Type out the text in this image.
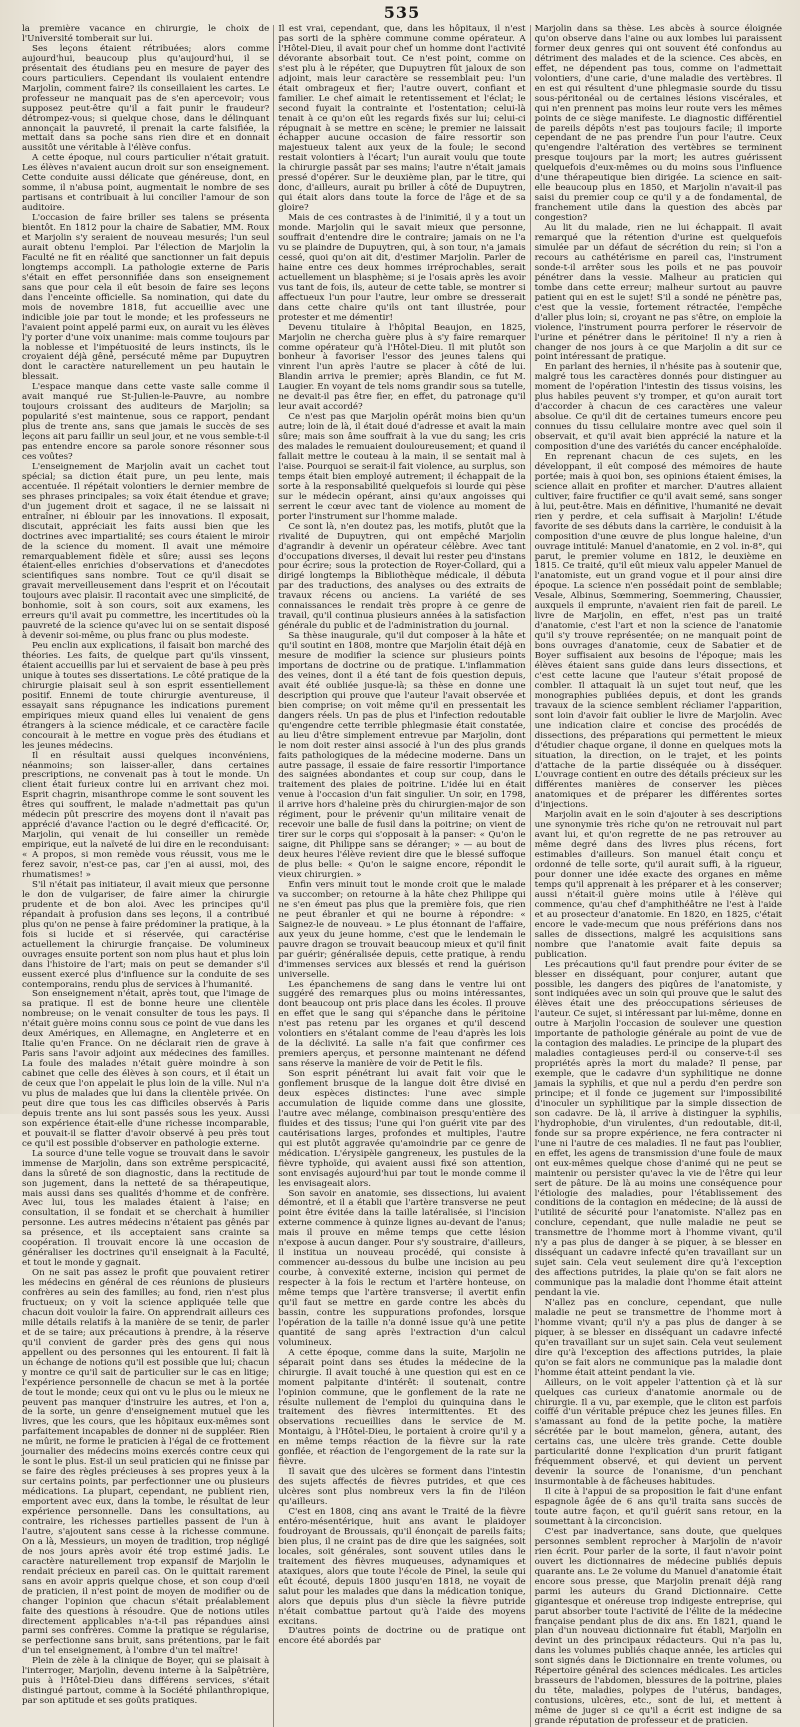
535

la première vacance en chirurgie, le choix de l'Université tomberait sur lui.

Ses leçons étaient rétribuées; alors comme aujourd'hui, beaucoup plus qu'aujourd'hui, il se présentait des étudians peu en mesure de payer des cours particuliers. Cependant ils voulaient entendre Marjolin, comment faire? ils conseillaient les cartes. Le professeur ne manquait pas de s'en apercevoir; vous supposez peut-être qu'il a fait punir le fraudeur? détrompez-vous; si quelque chose, dans le délinquant annonçait la pauvreté, il prenait la carte falsifiée, la mettait dans sa poche sans rien dire et en donnait aussitôt une véritable à l'élève confus.

A cette époque, nul cours particulier n'était gratuit. Les élèves n'avaient aucun droit sur son enseignement. Cette conduite aussi délicate que généreuse, dont, en somme, il n'abusa point, augmentait le nombre de ses partisans et contribuait à lui concilier l'amour de son auditoire.

L'occasion de faire briller ses talens se présenta bientôt. En 1812 pour la chaire de Sabatier, MM. Roux et Marjolin s'y seraient de nouveau mesurés; l'un seul aurait obtenu l'emploi. Par l'élection de Marjolin la Faculté ne fit en réalité que sanctionner un fait depuis longtemps accompli. La pathologie externe de Paris s'était en effet personnifiée dans son enseignement sans que pour cela il eût besoin de faire ses leçons dans l'enceinte officielle. Sa nomination, qui date du mois de novembre 1818, fut accueillie avec une indicible joie par tout le monde; et les professeurs ne l'avaient point appelé parmi eux, on aurait vu les élèves l'y porter d'une voix unanime: mais comme toujours par la noblesse et l'impétuosité de leurs instincts, ils le croyaient déjà gêné, persécuté même par Dupuytren dont le caractère naturellement un peu hautain le blessait.

L'espace manque dans cette vaste salle comme il avait manqué rue St-Julien-le-Pauvre, au nombre toujours croissant des auditeurs de Marjolin; sa popularité s'est maintenue, sous ce rapport, pendant plus de trente ans, sans que jamais le succès de ses leçons ait paru faillir un seul jour, et ne vous semble-t-il pas entendre encore sa parole sonore résonner sous ces voûtes?

L'enseignement de Marjolin avait un cachet tout spécial; sa diction était pure, un peu lente, mais accentuée. Il répétait volontiers le dernier membre de ses phrases principales; sa voix était étendue et grave; d'un jugement droit et sagace, il ne se laissait ni entraîner, ni éblouir par les innovations. Il exposait, discutait, appréciait les faits aussi bien que les doctrines avec impartialité; ses cours étaient le miroir de la science du moment. Il avait une mémoire remarquablement fidèle et sûre; aussi ses leçons étaient-elles enrichies d'observations et d'anecdotes scientifiques sans nombre. Tout ce qu'il disait se gravait merveilleusement dans l'esprit et on l'écoutait toujours avec plaisir. Il racontait avec une simplicité, de bonhomie, soit à son cours, soit aux examens, les erreurs qu'il avait pu commettre, les incertitudes où la pauvreté de la science qu'avec lui on se sentait disposé à devenir soi-même, ou plus franc ou plus modeste.

Peu enclin aux explications, il faisait bon marché des théories. Les faits, de quelque part qu'ils vinssent, étaient accueillis par lui et servaient de base à peu près unique à toutes ses dissertations. Le côté pratique de la chirurgie plaisait seul à son esprit essentiellement positif. Ennemi de toute chirurgie aventureuse, il essayait sans répugnance les indications purement empiriques mieux quand elles lui venaient de gens étrangers à la science médicale, et ce caractère facile concourait à le mettre en vogue près des étudians et les jeunes médecins.

Il en résultait aussi quelques inconvéniens, néanmoins; son laisser-aller, dans certaines prescriptions, ne convenait pas à tout le monde. Un client était furieux contre lui en arrivant chez moi. Esprit chagrin, misanthrope comme le sont souvent les êtres qui souffrent, le malade n'admettait pas qu'un médecin pût prescrire des moyens dont il n'avait pas apprécié d'avance l'action ou le degré d'efficacité. Or, Marjolin, qui venait de lui conseiller un remède empirique, eut la naïveté de lui dire en le reconduisant: « A propos, si mon remède vous réussit, vous me le ferez savoir, n'est-ce pas, car j'en ai aussi, moi, des rhumatismes! »

S'il n'était pas initiateur, il avait mieux que personne le don de vulgariser, de faire aimer la chirurgie prudente et de bon aloi. Avec les principes qu'il répandait à profusion dans ses leçons, il a contribué plus qu'on ne pense à faire prédominer la pratique, à la fois si lucide et si réservée, qui caractérise actuellement la chirurgie française. De volumineux ouvrages ensuite portent son nom plus haut et plus loin dans l'histoire de l'art; mais on peut se demander s'il eussent exercé plus d'influence sur la conduite de ses contemporains, rendu plus de services à l'humanité.

Son enseignement n'était, après tout, que l'image de sa pratique. Il est de bonne heure une clientèle nombreuse; on le venait consulter de tous les pays. Il n'était guère moins connu sous ce point de vue dans les deux Amériques, en Allemagne, en Angleterre et en Italie qu'en France. On ne déclarait rien de grave à Paris sans l'avoir adjoint aux médecines des familles. La foule des malades n'était guère moindre à son cabinet que celle des élèves à son cours, et il était un de ceux que l'on appelait le plus loin de la ville. Nul n'a vu plus de malades que lui dans la clientèle privée. On peut dire que tous les cas difficiles observés à Paris depuis trente ans lui sont passés sous les yeux. Aussi son expérience était-elle d'une richesse incomparable, et pouvait-il se flatter d'avoir observé à peu près tout ce qu'il est possible d'observer en pathologie externe.

La source d'une telle vogue se trouvait dans le savoir immense de Marjolin, dans son extrême perspicacité, dans la sûreté de son diagnostic, dans la rectitude de son jugement, dans la netteté de sa thérapeutique, mais aussi dans ses qualités d'homme et de confrère. Avec lui, tous les malades étaient à l'aise; en consultation, il se fondait et se cherchait à humilier personne. Les autres médecins n'étaient pas gênés par sa présence, et ils acceptaient sans crainte sa coopération. Il trouvait encore là une occasion de généraliser les doctrines qu'il enseignait à la Faculté, et tout le monde y gagnait.

On ne sait pas assez le profit que pouvaient retirer les médecins en général de ces réunions de plusieurs confrères au sein des familles; au fond, rien n'est plus fructueux; on y voit la science appliquée telle que chacun doit vouloir la faire. On apprendrait ailleurs ces mille détails relatifs à la manière de se tenir, de parler et de se taire; aux précautions à prendre, à la réserve qu'il convient de garder près des gens qui nous appellent ou des personnes qui les entourent. Il fait là un échange de notions qu'il est possible que lui; chacun y montre ce qu'il sait de particulier sur le cas en litige; l'expérience personnelle de chacun se met à la portée de tout le monde; ceux qui ont vu le plus ou le mieux ne peuvent pas manquer d'instruire les autres, et l'on a, de la sorte, un genre d'enseignement mutuel que les livres, que les cours, que les hôpitaux eux-mêmes sont parfaitement incapables de donner ni de suppléer. Rien ne mûrit, ne forme le praticien à l'égal de ce frottement journalier des médecins moins exercés contre ceux qui le sont le plus. Est-il un seul praticien qui ne finisse par se faire des règles précieuses à ses propres yeux à la sur certains points, par perfectionner une ou plusieurs médications. La plupart, cependant, ne publient rien, emportent avec eux, dans la tombe, le résultat de leur expérience personnelle. Dans les consultations, au contraire, les richesses partielles passent de l'un à l'autre, s'ajoutent sans cesse à la richesse commune. On a là, Messieurs, un moyen de tradition, trop négligé de nos jours après avoir été trop estimé jadis. Le caractère naturellement trop expansif de Marjolin le rendait précieux en pareil cas. On le quittait rarement sans en avoir appris quelque chose, et son coup d'œil de praticien, il n'est point de moyen de modifier ou de changer l'opinion que chacun s'était préalablement faite des questions à résoudre. Que de notions utiles directement applicables n'a-t-il pas répandues ainsi parmi ses confrères. Comme la pratique se régularise, se perfectionne sans bruit, sans prétentions, par le fait d'un tel enseignement, à l'ombre d'un tel maître!

Plein de zèle à la clinique de Boyer, qui se plaisait à l'interroger, Marjolin, devenu interne à la Salpêtrière, puis à l'Hôtel-Dieu dans différens services, s'était distingué partout, comme à la Société philanthropique, par son aptitude et ses goûts pratiques.

Il est vrai, cependant, que, dans les hôpitaux, il n'est pas sorti de la sphère commune comme opérateur. A l'Hôtel-Dieu, il avait pour chef un homme dont l'activité dévorante absorbait tout. Ce n'est point, comme on s'est plu à le répéter, que Dupuytren fût jaloux de son adjoint, mais leur caractère se ressemblait peu: l'un était ombrageux et fier; l'autre ouvert, confiant et familier. Le chef aimait le retentissement et l'éclat; le second fuyait la contrainte et l'ostentation; celui-là tenait à ce qu'on eût les regards fixés sur lui; celui-ci répugnait à se mettre en scène; le premier ne laissait échapper aucune occasion de faire ressortir son majestueux talent aux yeux de la foule; le second restait volontiers à l'écart; l'un aurait voulu que toute la chirurgie passât par ses mains; l'autre n'était jamais pressé d'opérer. Sur le deuxième plan, par le titre, qui donc, d'ailleurs, aurait pu briller à côté de Dupuytren, qui était alors dans toute la force de l'âge et de sa gloire?

Mais de ces contrastes à de l'inimitié, il y a tout un monde. Marjolin qui le savait mieux que personne, souffrait d'entendre dire le contraire; jamais on ne l'a vu se plaindre de Dupuytren, qui, à son tour, n'a jamais cessé, quoi qu'on ait dit, d'estimer Marjolin. Parler de haine entre ces deux hommes irréprochables, serait actuellement un blasphème; si je l'osais après les avoir vus tant de fois, ils, auteur de cette table, se montrer si affectueux l'un pour l'autre, leur ombre se dresserait dans cette chaire qu'ils ont tant illustrée, pour protester et me démentir!

Devenu titulaire à l'hôpital Beaujon, en 1825, Marjolin ne chercha guère plus à s'y faire remarquer comme opérateur qu'à l'Hôtel-Dieu. Il mit plutôt son bonheur à favoriser l'essor des jeunes talens qui vinrent l'un après l'autre se placer à côté de lui. Blandin arriva le premier; après Blandin, ce fut M. Laugier. En voyant de tels noms grandir sous sa tutelle, ne devait-il pas être fier, en effet, du patronage qu'il leur avait accordé?

Ce n'est pas que Marjolin opérât moins bien qu'un autre; loin de là, il était doué d'adresse et avait la main sûre; mais son âme souffrait à la vue du sang; les cris des malades le remuaient douloureusement; et quand il fallait mettre le couteau à la main, il se sentait mal à l'aise. Pourquoi se serait-il fait violence, au surplus, son temps était bien employé autrement; il échappait de la sorte à la responsabilité quelquefois si lourde qui pèse sur le médecin opérant, ainsi qu'aux angoisses qui serrent le cœur avec tant de violence au moment de porter l'instrument sur l'homme malade.

Ce sont là, n'en doutez pas, les motifs, plutôt que la rivalité de Dupuytren, qui ont empêché Marjolin d'agrandir à devenir un opérateur célèbre. Avec tant d'occupations diverses, il devait lui rester peu d'instans pour écrire; sous la protection de Royer-Collard, qui a dirigé longtemps la Bibliothèque médicale, il débuta par des traductions, des analyses ou des extraits de travaux récens ou anciens. La variété de ses connaissances le rendait très propre à ce genre de travail, qu'il continua plusieurs années à la satisfaction générale du public et de l'administration du journal.

Sa thèse inaugurale, qu'il dut composer à la hâte et qu'il soutint en 1808, montre que Marjolin était déjà en mesure de modifier la science sur plusieurs points importans de doctrine ou de pratique. L'inflammation des veines, dont il a été tant de fois question depuis, avait été oubliée jusque-là; sa thèse en donne une description qui prouve que l'auteur l'avait observée et bien comprise; on voit même qu'il en pressentait les dangers réels. Un pas de plus et l'infection redoutable qu'engendre cette terrible phlegmasie était constatée, au lieu d'être simplement entrevue par Marjolin, dont le nom doit rester ainsi associé à l'un des plus grands faits pathologiques de la médecine moderne. Dans un autre passage, il essaie de faire ressortir l'importance des saignées abondantes et coup sur coup, dans le traitement des plaies de poitrine. L'idée lui en était venue à l'occasion d'un fait singulier. Un soir, en 1798, il arrive hors d'haleine près du chirurgien-major de son régiment, pour le prévenir qu'un militaire venait de recevoir une balle de fusil dans la poitrine; on vient de tirer sur le corps qui s'opposait à la panser: « Qu'on le saigne, dit Philippe sans se déranger; » — au bout de deux heures l'élève revient dire que le blessé suffoque de plus belle: « Qu'on le saigne encore, répondit le vieux chirurgien. »

Enfin vers minuit tout le monde croit que le malade va succomber; on retourne à la hâte chez Philippe qui ne s'en émeut pas plus que la première fois, que rien ne peut ébranler et qui ne bourne à répondre: « Saignez-le de nouveau. » Le plus étonnant de l'affaire, aux yeux du jeune homme, c'est que le lendemain le pauvre dragon se trouvait beaucoup mieux et qu'il finit par guérir; généralisée depuis, cette pratique, à rendu d'immenses services aux blessés et rend la guérison universelle.

Les épanchemens de sang dans le ventre lui ont suggéré des remarques plus ou moins intéressantes, dont beaucoup ont pris place dans les écoles. Il prouve en effet que le sang qui s'épanche dans le péritoine n'est pas retenu par les organes et qu'il descend volontiers en s'étalant comme de l'eau d'après les lois de la déclivité. La salle n'a fait que confirmer ces premiers aperçus, et personne maintenant ne défend sans réserve la manière de voir de Petit le fils.

Son esprit pénétrant lui avait fait voir que le gonflement brusque de la langue doit être divisé en deux espèces distinctes: l'une avec simple accumulation de liquide comme dans une glossite, l'autre avec mélange, combinaison presqu'entière des fluides et des tissus; l'une qui l'on guérit vite par des cautérisations larges, profondes et multiples, l'autre qui est plutôt aggravée qu'amoindrie par ce genre de médication. L'érysipèle gangreneux, les pustules de la fièvre typhoïde, qui avaient aussi fixé son attention, sont envisagés aujourd'hui par tout le monde comme il les envisageait alors.

Son savoir en anatomie, ses dissections, lui avaient démontré, et il a établi que l'artère transverse ne peut point être évitée dans la taille latéralisée, si l'incision externe commence à quinze lignes au-devant de l'anus; mais il prouve en même temps que cette lésion n'expose à aucun danger. Pour s'y soustraire, d'ailleurs, il institua un nouveau procédé, qui consiste à commencer au-dessous du bulbe une incision au peu courbe, à convexité externe, incision qui permet de respecter à la fois le rectum et l'artère honteuse, on même temps que l'artère transverse; il avertit enfin qu'il faut se mettre en garde contre les abcès du bassin, contre les suppurations profondes, lorsque l'opération de la taille n'a donné issue qu'à une petite quantité de sang après l'extraction d'un calcul volumineux.

A cette époque, comme dans la suite, Marjolin ne séparait point dans ses études la médecine de la chirurgie. Il avait touché à une question qui est en ce moment palpitante d'intérêt: il soutenait, contre l'opinion commune, que le gonflement de la rate ne résulte nullement de l'emploi du quinquina dans le traitement des fièvres intermittentes. Et des observations recueillies dans le service de M. Montaigu, à l'Hôtel-Dieu, le portaient à croire qu'il y a en même temps réaction de la fièvre sur la rate gonflée, et réaction de l'engorgement de la rate sur la fièvre.

Il savait que des ulcères se forment dans l'intestin des sujets affectés de fièvres putrides, et que ces ulcères sont plus nombreux vers la fin de l'iléon qu'ailleurs.

C'est en 1808, cinq ans avant le Traité de la fièvre entéro-mésentérique, huit ans avant le plaidoyer foudroyant de Broussais, qu'il énonçait de pareils faits; bien plus, il ne craint pas de dire que les saignées, soit locales, soit générales, sont souvent utiles dans le traitement des fièvres muqueuses, adynamiques et ataxiques, alors que toute l'école de Pinel, la seule qui eût écouté, depuis 1800 jusqu'en 1818, ne voyait de salut pour les malades que dans la médication tonique, alors que depuis plus d'un siècle la fièvre putride n'était combattue partout qu'à l'aide des moyens excitans.

D'autres points de doctrine ou de pratique ont encore été abordés par

Marjolin dans sa thèse. Les abcès à source éloignée qu'on observe dans l'aine ou aux lombes lui paraissent former deux genres qui ont souvent été confondus au détriment des malades et de la science. Ces abcès, en effet, ne dépendent pas tous, comme on l'admettait volontiers, d'une carie, d'une maladie des vertèbres. Il en est qui résultent d'une phlegmasie sourde du tissu sous-péritonéal ou de certaines lésions viscérales, et qui n'en prennent pas moins leur route vers les mêmes points de ce siège manifeste. Le diagnostic différentiel de pareils dépôts n'est pas toujours facile; il importe cependant de ne pas prendre l'un pour l'autre. Ceux qu'engendre l'altération des vertèbres se terminent presque toujours par la mort; les autres guérissent quelquefois d'eux-mêmes ou du moins sous l'influence d'une thérapeutique bien dirigée. La science en sait-elle beaucoup plus en 1850, et Marjolin n'avait-il pas saisi du premier coup ce qu'il y a de fondamental, de franchement utile dans la question des abcès par congestion?

Au lit du malade, rien ne lui échappait. Il avait remarqué que la rétention d'urine est quelquefois simulée par un défaut de sécrétion du rein; si l'on a recours au cathétérisme en pareil cas, l'instrument sonde-t-il arrêter sous les poils et ne pas pouvoir pénétrer dans la vessie. Malheur au praticien qui tombe dans cette erreur; malheur surtout au pauvre patient qui en est le sujet! S'il a sondé ne pénètre pas, c'est que la vessie, fortement rétractée, l'empêche d'aller plus loin; si, croyant ne pas s'être, on emploie la violence, l'instrument pourra perforer le réservoir de l'urine et pénétrer dans le péritoine! Il n'y a rien à changer de nos jours à ce que Marjolin a dit sur ce point intéressant de pratique.

En parlant des hernies, il n'hésite pas à soutenir que, malgré tous les caractères donnés pour distinguer au moment de l'opération l'intestin des tissus voisins, les plus habiles peuvent s'y tromper, et qu'on aurait tort d'accorder à chacun de ces caractères une valeur absolue. Ce qu'il dit de certaines tumeurs encore peu connues du tissu cellulaire montre avec quel soin il observait, et qu'il avait bien apprécié la nature et la composition d'une des variétés du cancer encéphaloïde.

En reprenant chacun de ces sujets, en les développant, il eût composé des mémoires de haute portée; mais à quoi bon, ses opinions étaient émises, la science allait en profiter et marcher. D'autres allaient cultiver, faire fructifier ce qu'il avait semé, sans songer à lui, peut-être. Mais en définitive, l'humanité ne devait rien y perdre, et cela suffisait à Marjolin! L'étude favorite de ses débuts dans la carrière, le conduisit à la composition d'une œuvre de plus longue haleine, d'un ouvrage intitulé: Manuel d'anatomie, en 2 vol. in-8°, qui parut, le premier volume en 1812, le deuxième en 1815. Ce traité, qu'il eût mieux valu appeler Manuel de l'anatomiste, eut un grand vogue et il pour ainsi dire époque. La science n'en possédait point de semblable; Vesale, Albinus, Sœmmering, Soemmering, Chaussier, auxquels il emprunte, n'avaient rien fait de pareil. Le livre de Marjolin, en effet, n'est pas un traité d'anatomie, c'est l'art et non la science de l'anatomie qu'il s'y trouve représentée; on ne manquait point de bons ouvrages d'anatomie, ceux de Sabatier et de Boyer suffisaient aux besoins de l'époque; mais les élèves étaient sans guide dans leurs dissections, et c'est cette lacune que l'auteur s'était proposé de combler. Il attaquait là un sujet tout neuf, que les monographies publiées depuis, et dont les grands travaux de la science semblent récliamer l'apparition, sont loin d'avoir fait oublier le livre de Marjolin. Avec une indication claire et concise des procédés de dissections, des préparations qui permettent le mieux d'étudier chaque organe, il donne en quelques mots la situation, la direction, on le trajet, et les points d'attache de la partie disséquée ou à disséquer. L'ouvrage contient en outre des détails précieux sur les différentes manières de conserver les pièces anatomiques et de préparer les différentes sortes d'injections.

Marjolin avait en le soin d'ajouter à ses descriptions une synonymie très riche qu'on ne retrouvait nul part avant lui, et qu'on regrette de ne pas retrouver au même degré dans des livres plus récens, fort estimables d'ailleurs. Son manuel était conçu et ordonné de telle sorte, qu'il aurait suffi, à la rigueur, pour donner une idée exacte des organes en même temps qu'il apprenait à les préparer et à les conserver; aussi n'était-il guère moins utile à l'élève qui commence, qu'au chef d'amphithéâtre ne l'est à l'aide et au prosecteur d'anatomie. En 1820, en 1825, c'était encore le vade-mecum que nous préférions dans nos salles de dissections, malgré les acquisitions sans nombre que l'anatomie avait faite depuis sa publication.

Les précautions qu'il faut prendre pour éviter de se blesser en disséquant, pour conjurer, autant que possible, les dangers des piqûres de l'anatomiste, y sont indiquées avec un soin qui prouve que le salut des élèves était une des préoccupations sérieuses de l'auteur. Ce sujet, si intéressant par lui-même, donne en outre à Marjolin l'occasion de soulever une question importante de pathologie générale au point de vue de la contagion des maladies. Le principe de la plupart des maladies contagieuses perd-il ou conserve-t-il ses propriétés après la mort du malade? Il pense, par exemple, que le cadavre d'un syphilitique ne donne jamais la syphilis, et que nul a perdu d'en perdre son principe; et il fonde ce jugement sur l'impossibilité d'inoculer un syphilitique par la simple dissection de son cadavre. De là, il arrive à distinguer la syphilis, l'hydrophobie, d'un virulentes, d'un redoutable, dit-il, fonde sur sa propre expérience, ne fera contracter ni l'une ni l'autre de ces maladies. Il ne faut pas l'oublier, en effet, les agens de transmission d'une foule de maux ont eux-mêmes quelque chose d'animé qui ne peut se maintenir ou persister qu'avec la vie de l'être qui leur sert de pâture. De là au moins une conséquence pour l'étiologie des maladies, pour l'établissement des conditions de la contagion en médecine; de là aussi de l'utilité de sécurité pour l'anatomiste. N'allez pas en conclure, cependant, que nulle maladie ne peut se transmettre de l'homme mort à l'homme vivant, qu'il n'y a pas plus de danger à se piquer, à se blesser en disséquant un cadavre infecté qu'en travaillant sur un sujet sain. Cela veut seulement dire qu'à l'exception des affections putrides, la plaie qu'on se fait alors ne communique pas la maladie dont l'homme était atteint pendant la vie.

N'allez pas en conclure, cependant, que nulle maladie ne peut se transmettre de l'homme mort à l'homme vivant; qu'il n'y a pas plus de danger à se piquer, à se blesser en disséquant un cadavre infecté qu'en travaillant sur un sujet sain. Cela veut seulement dire qu'à l'exception des affections putrides, la plaie qu'on se fait alors ne communique pas la maladie dont l'homme était atteint pendant la vie.

Ailleurs, on le voit appeler l'attention çà et là sur quelques cas curieux d'anatomie anormale ou de chirurgie. Il a vu, par exemple, que le cliton est parfois coiffé d'un véritable prépuce chez les jeunes filles. En s'amassant au fond de la petite poche, la matière sécrétée par le bout mamelon, gênera, autant, des certains cas, une ulcère très grande. Cette double particularité donne l'explication d'un prurit fatigant fréquemment observé, et qui devient un pervent devenir la source de l'onanisme, d'un penchant insurmontable à de fâcheuses habitudes.

Il cite à l'appui de sa proposition le fait d'une enfant espagnole âgée de 6 ans qu'il traita sans succès de toute autre façon, et qu'il guérit sans retour, en la soumettant à la circoncision.

C'est par inadvertance, sans doute, que quelques personnes semblent reprocher à Marjolin de n'avoir rien écrit. Pour parler de la sorte, il faut n'avoir point ouvert les dictionnaires de médecine publiés depuis quarante ans. Le 2e volume du Manuel d'anatomie était encore sous presse, que Marjolin prenait déjà rang parmi les auteurs du Grand Dictionnaire. Cette gigantesque et onéreuse trop indigeste entreprise, qui parut absorber toute l'activité de l'élite de la médecine française pendant plus de dix ans. En 1821, quand le plan d'un nouveau dictionnaire fut établi, Marjolin en devint un des principaux rédacteurs. Qui n'a pas lu, dans les volumes publiés chaque année, les articles qui sont signés dans le Dictionnaire en trente volumes, ou Répertoire général des sciences médicales. Les articles brasseurs de l'abdomen, blessures de la poitrine, plaies du tête, maladies, polypes de l'utérus, bandages, contusions, ulcères, etc., sont de lui, et mettent à même de juger si ce qu'il a écrit est indigne de sa grande réputation de professeur et de praticien.
